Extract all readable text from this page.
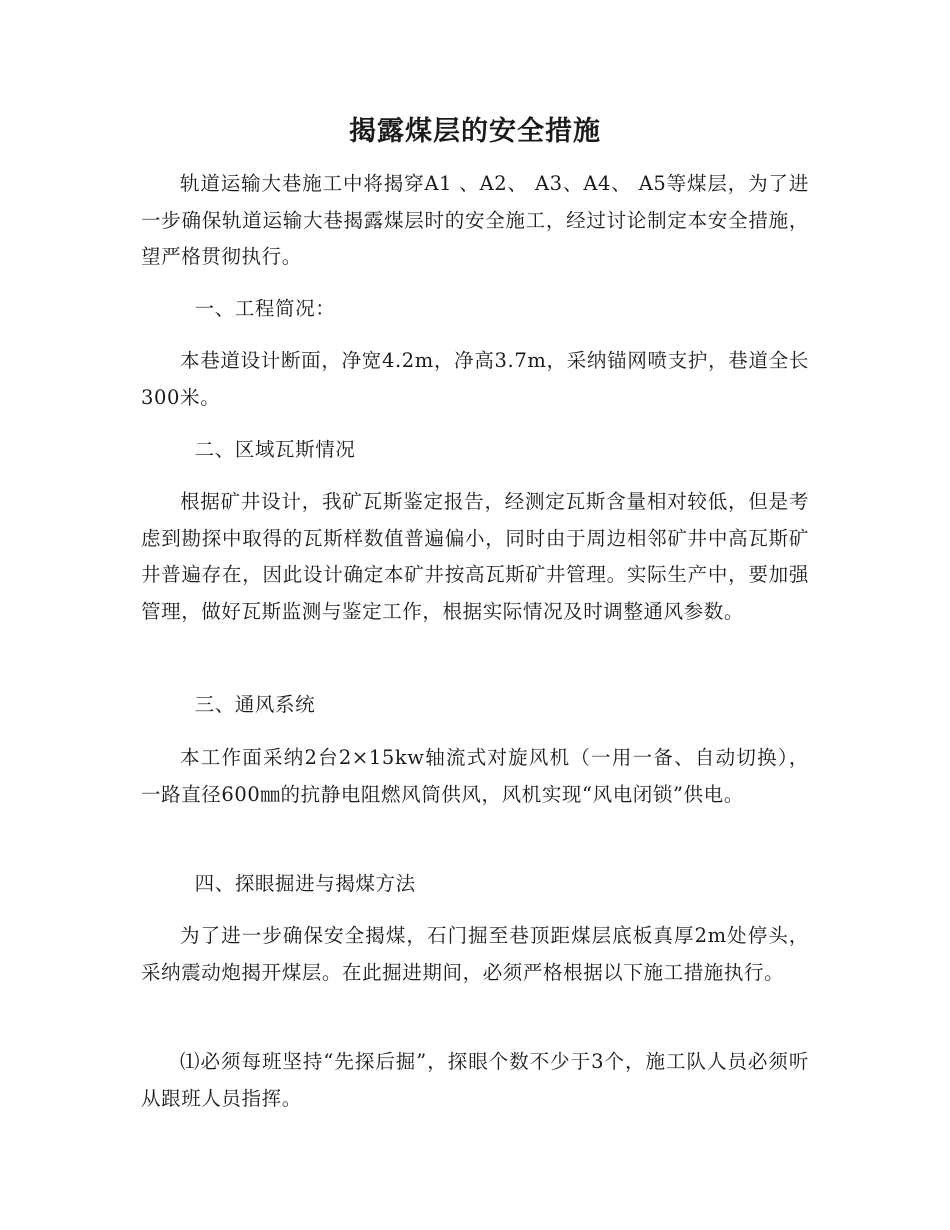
揭露煤层的安全措施

轨道运输大巷施工中将揭穿A1 、A2、 A3、A4、 A5等煤层，为了进一步确保轨道运输大巷揭露煤层时的安全施工，经过讨论制定本安全措施，望严格贯彻执行。

一、工程简况：

本巷道设计断面，净宽4.2m，净高3.7m，采纳锚网喷支护，巷道全长300米。

二、区域瓦斯情况

根据矿井设计，我矿瓦斯鉴定报告，经测定瓦斯含量相对较低，但是考虑到勘探中取得的瓦斯样数值普遍偏小，同时由于周边相邻矿井中高瓦斯矿井普遍存在，因此设计确定本矿井按高瓦斯矿井管理。实际生产中，要加强管理，做好瓦斯监测与鉴定工作，根据实际情况及时调整通风参数。

三、通风系统

本工作面采纳2台2×15kw轴流式对旋风机（一用一备、自动切换），一路直径600㎜的抗静电阻燃风筒供风，风机实现“风电闭锁”供电。

四、探眼掘进与揭煤方法

为了进一步确保安全揭煤，石门掘至巷顶距煤层底板真厚2m处停头，采纳震动炮揭开煤层。在此掘进期间，必须严格根据以下施工措施执行。

⑴必须每班坚持“先探后掘”，探眼个数不少于3个，施工队人员必须听从跟班人员指挥。
